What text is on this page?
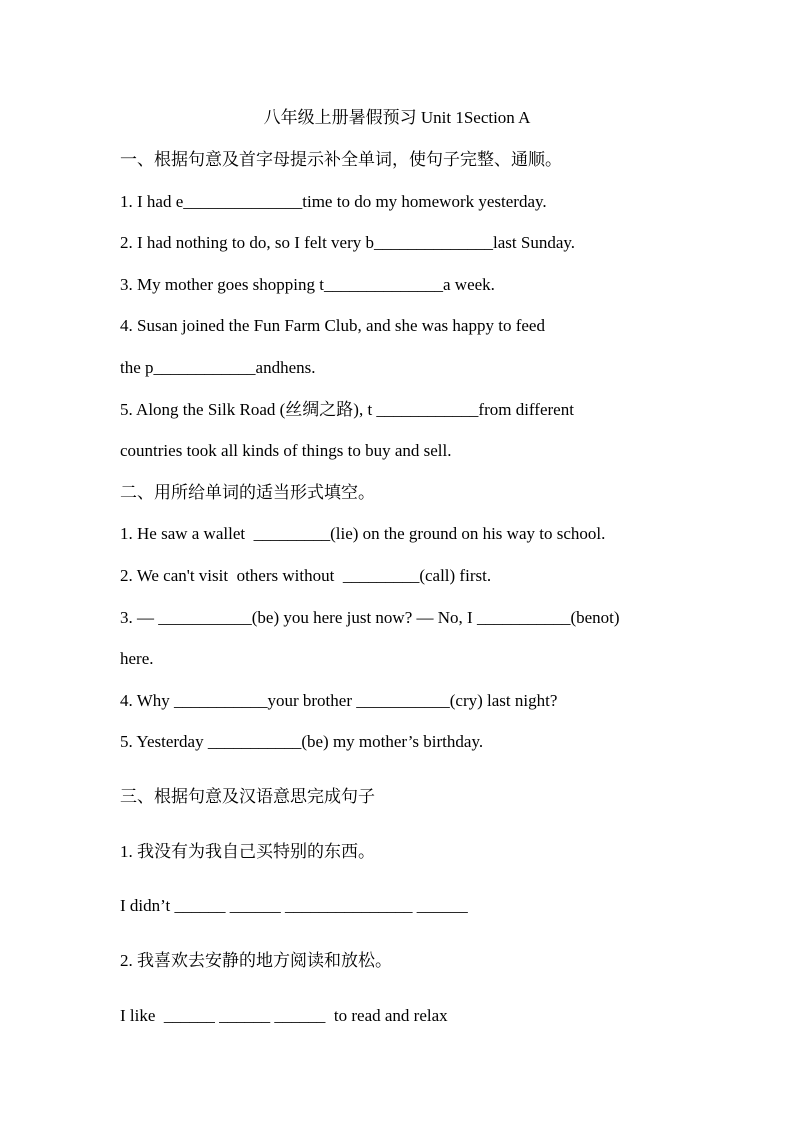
八年级上册暑假预习 Unit 1Section A
一、根据句意及首字母提示补全单词，使句子完整、通顺。
1. I had e______________time to do my homework yesterday.
2. I had nothing to do, so I felt very b______________last Sunday.
3. My mother goes shopping t______________a week.
4. Susan joined the Fun Farm Club, and she was happy to feed
the p____________andhens.
5. Along the Silk Road (丝绸之路), t ____________from different
countries took all kinds of things to buy and sell.
二、用所给单词的适当形式填空。
1. He saw a wallet  _________(lie) on the ground on his way to school.
2. We can't visit  others without  _________(call) first.
3. — ___________(be) you here just now? — No, I ___________(benot)
here.
4. Why ___________your brother ___________(cry) last night?
5. Yesterday ___________(be) my mother’s birthday.
三、根据句意及汉语意思完成句子
1. 我没有为我自己买特别的东西。
I didn’t ______ ______ _______________ ______
2. 我喜欢去安静的地方阅读和放松。
I like  ______ ______ ______  to read and relax
